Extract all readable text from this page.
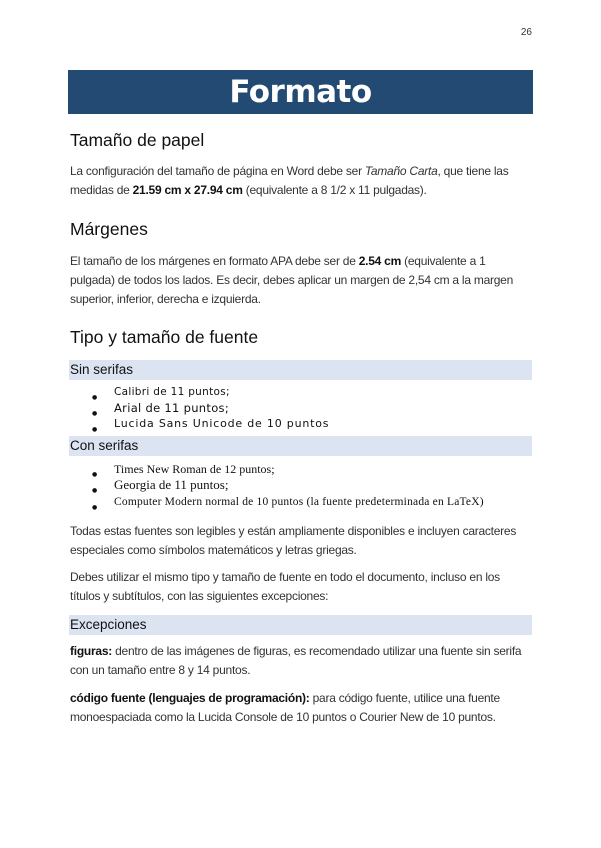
26
Formato
Tamaño de papel

La configuración del tamaño de página en Word debe ser Tamaño Carta, que tiene las medidas de 21.59 cm x 27.94 cm (equivalente a 8 1/2 x 11 pulgadas).

Márgenes

El tamaño de los márgenes en formato APA debe ser de 2.54 cm (equivalente a 1 pulgada) de todos los lados. Es decir, debes aplicar un margen de 2,54 cm a la margen superior, inferior, derecha e izquierda.

Tipo y tamaño de fuente
Sin serifas
● Calibri de 11 puntos;
● Arial de 11 puntos;
● Lucida Sans Unicode de 10 puntos
Con serifas
● Times New Roman de 12 puntos;
● Georgia de 11 puntos;
● Computer Modern normal de 10 puntos (la fuente predeterminada en LaTeX)

Todas estas fuentes son legibles y están ampliamente disponibles e incluyen caracteres especiales como símbolos matemáticos y letras griegas.

Debes utilizar el mismo tipo y tamaño de fuente en todo el documento, incluso en los títulos y subtítulos, con las siguientes excepciones:

Excepciones

figuras: dentro de las imágenes de figuras, es recomendado utilizar una fuente sin serifa con un tamaño entre 8 y 14 puntos.

código fuente (lenguajes de programación): para código fuente, utilice una fuente monoespaciada como la Lucida Console de 10 puntos o Courier New de 10 puntos.
